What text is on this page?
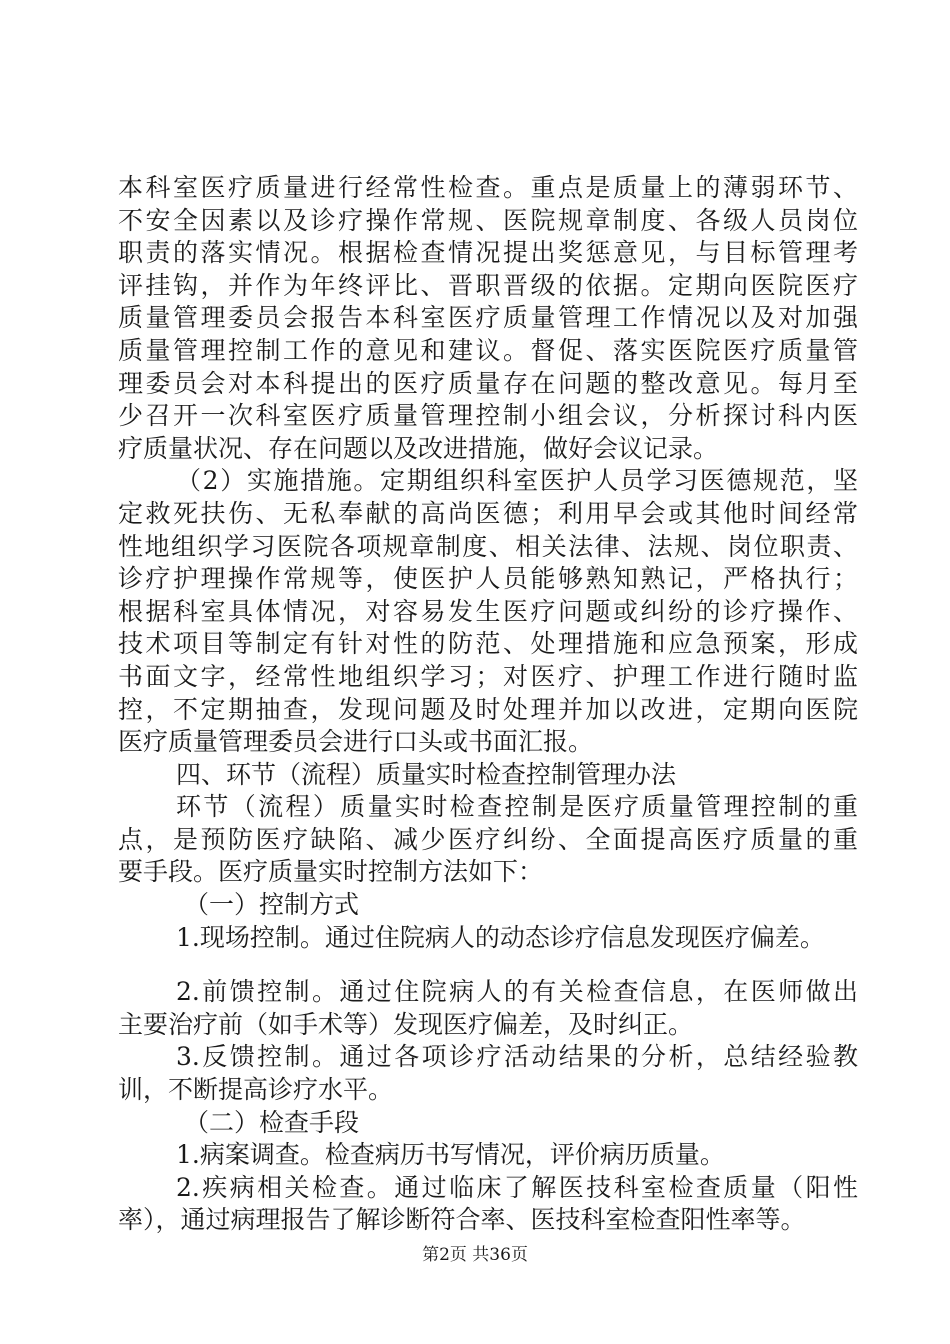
本科室医疗质量进行经常性检查。重点是质量上的薄弱环节、
不安全因素以及诊疗操作常规、医院规章制度、各级人员岗位
职责的落实情况。根据检查情况提出奖惩意见，与目标管理考
评挂钩，并作为年终评比、晋职晋级的依据。定期向医院医疗
质量管理委员会报告本科室医疗质量管理工作情况以及对加强
质量管理控制工作的意见和建议。督促、落实医院医疗质量管
理委员会对本科提出的医疗质量存在问题的整改意见。每月至
少召开一次科室医疗质量管理控制小组会议，分析探讨科内医
疗质量状况、存在问题以及改进措施，做好会议记录。
（2）实施措施。定期组织科室医护人员学习医德规范，坚
定救死扶伤、无私奉献的高尚医德；利用早会或其他时间经常
性地组织学习医院各项规章制度、相关法律、法规、岗位职责、
诊疗护理操作常规等，使医护人员能够熟知熟记，严格执行；
根据科室具体情况，对容易发生医疗问题或纠纷的诊疗操作、
技术项目等制定有针对性的防范、处理措施和应急预案，形成
书面文字，经常性地组织学习；对医疗、护理工作进行随时监
控，不定期抽查，发现问题及时处理并加以改进，定期向医院
医疗质量管理委员会进行口头或书面汇报。
四、环节（流程）质量实时检查控制管理办法
环节（流程）质量实时检查控制是医疗质量管理控制的重
点，是预防医疗缺陷、减少医疗纠纷、全面提高医疗质量的重
要手段。医疗质量实时控制方法如下：
（一）控制方式
1.现场控制。通过住院病人的动态诊疗信息发现医疗偏差。
2.前馈控制。通过住院病人的有关检查信息，在医师做出
主要治疗前（如手术等）发现医疗偏差，及时纠正。
3.反馈控制。通过各项诊疗活动结果的分析，总结经验教
训，不断提高诊疗水平。
（二）检查手段
1.病案调查。检查病历书写情况，评价病历质量。
2.疾病相关检查。通过临床了解医技科室检查质量（阳性
率），通过病理报告了解诊断符合率、医技科室检查阳性率等。
第2页 共36页
